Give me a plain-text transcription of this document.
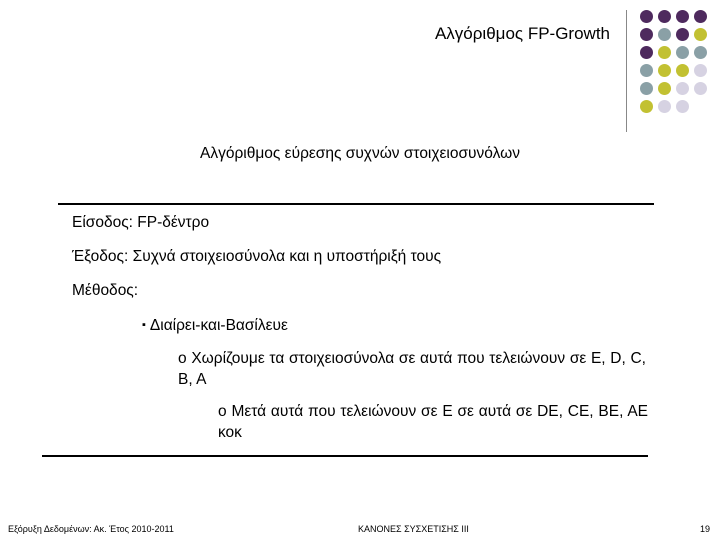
Αλγόριθμος FP-Growth
Αλγόριθμος εύρεσης συχνών στοιχειοσυνόλων
Είσοδος: FP-δέντρο
Έξοδος: Συχνά στοιχειοσύνολα και η υποστήριξή τους
Μέθοδος:
▪ Διαίρει-και-Βασίλευε
o Χωρίζουμε τα στοιχειοσύνολα σε αυτά που τελειώνουν σε E, D, C, B, A
o Μετά αυτά που τελειώνουν σε Ε σε αυτά σε DE, CE, BE, AE κοκ
Εξόρυξη Δεδομένων: Ακ. Έτος 2010-2011	ΚΑΝΟΝΕΣ ΣΥΣΧΕΤΙΣΗΣ ΙΙΙ	19
